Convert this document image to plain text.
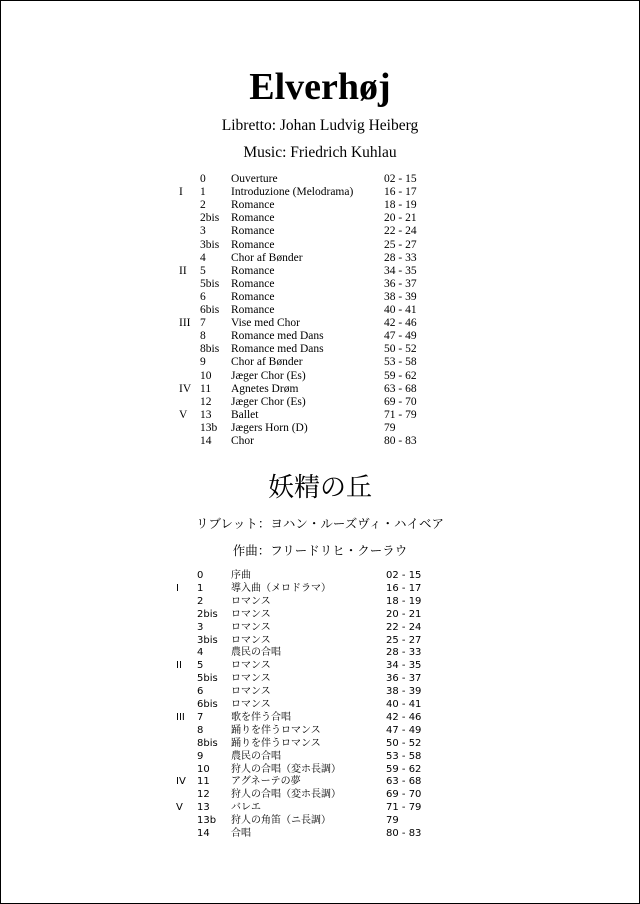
Elverhøj
Libretto: Johan Ludvig Heiberg
Music: Friedrich Kuhlau
0 Ouverture	02 - 15
I 1 Introduzione (Melodrama)	16 - 17
2 Romance	18 - 19
2bis Romance	20 - 21
3 Romance	22 - 24
3bis Romance	25 - 27
4 Chor af Bønder	28 - 33
II 5 Romance	34 - 35
5bis Romance	36 - 37
6 Romance	38 - 39
6bis Romance	40 - 41
III 7 Vise med Chor	42 - 46
8 Romance med Dans	47 - 49
8bis Romance med Dans	50 - 52
9 Chor af Bønder	53 - 58
10 Jæger Chor (Es)	59 - 62
IV 11 Agnetes Drøm	63 - 68
12 Jæger Chor (Es)	69 - 70
V 13 Ballet	71 - 79
13b Jægers Horn (D)	79
14 Chor	80 - 83
妖精の丘
リブレット：ヨハン・ルーズヴィ・ハイベア
作曲：フリードリヒ・クーラウ
0	序曲	02 - 15
I 1	導入曲（メロドラマ）	16 - 17
2	ロマンス	18 - 19
2bis ロマンス	20 - 21
3	ロマンス	22 - 24
3bis ロマンス	25 - 27
4	農民の合唱	28 - 33
II 5	ロマンス	34 - 35
5bis ロマンス	36 - 37
6	ロマンス	38 - 39
6bis ロマンス	40 - 41
III 7	歌を伴う合唱	42 - 46
8	踊りを伴うロマンス	47 - 49
8bis 踊りを伴うロマンス	50 - 52
9	農民の合唱	53 - 58
10 狩人の合唱（変ホ長調）	59 - 62
IV 11 アグネーテの夢	63 - 68
12 狩人の合唱（変ホ長調）	69 - 70
V 13 バレエ	71 - 79
13b 狩人の角笛（ニ長調）	79
14 合唱	80 - 83
